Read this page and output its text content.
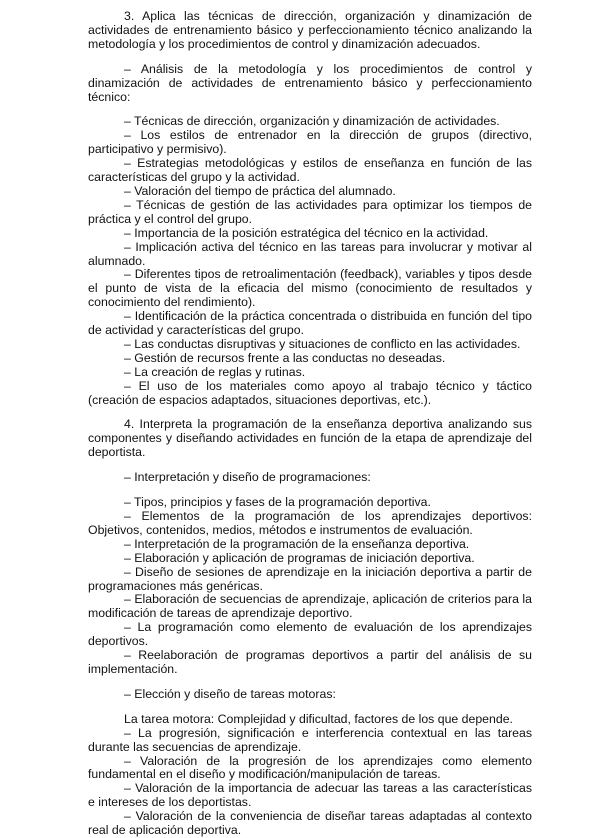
3. Aplica las técnicas de dirección, organización y dinamización de actividades de entrenamiento básico y perfeccionamiento técnico analizando la metodología y los procedimientos de control y dinamización adecuados.

– Análisis de la metodología y los procedimientos de control y dinamización de actividades de entrenamiento básico y perfeccionamiento técnico:

– Técnicas de dirección, organización y dinamización de actividades.

– Los estilos de entrenador en la dirección de grupos (directivo, participativo y permisivo).

– Estrategias metodológicas y estilos de enseñanza en función de las características del grupo y la actividad.

– Valoración del tiempo de práctica del alumnado.

– Técnicas de gestión de las actividades para optimizar los tiempos de práctica y el control del grupo.

– Importancia de la posición estratégica del técnico en la actividad.

– Implicación activa del técnico en las tareas para involucrar y motivar al alumnado.

– Diferentes tipos de retroalimentación (feedback), variables y tipos desde el punto de vista de la eficacia del mismo (conocimiento de resultados y conocimiento del rendimiento).

– Identificación de la práctica concentrada o distribuida en función del tipo de actividad y características del grupo.

– Las conductas disruptivas y situaciones de conflicto en las actividades.

– Gestión de recursos frente a las conductas no deseadas.

– La creación de reglas y rutinas.

– El uso de los materiales como apoyo al trabajo técnico y táctico (creación de espacios adaptados, situaciones deportivas, etc.).

4. Interpreta la programación de la enseñanza deportiva analizando sus componentes y diseñando actividades en función de la etapa de aprendizaje del deportista.

– Interpretación y diseño de programaciones:

– Tipos, principios y fases de la programación deportiva.

– Elementos de la programación de los aprendizajes deportivos: Objetivos, contenidos, medios, métodos e instrumentos de evaluación.

– Interpretación de la programación de la enseñanza deportiva.

– Elaboración y aplicación de programas de iniciación deportiva.

– Diseño de sesiones de aprendizaje en la iniciación deportiva a partir de programaciones más genéricas.

– Elaboración de secuencias de aprendizaje, aplicación de criterios para la modificación de tareas de aprendizaje deportivo.

– La programación como elemento de evaluación de los aprendizajes deportivos.

– Reelaboración de programas deportivos a partir del análisis de su implementación.

– Elección y diseño de tareas motoras:

La tarea motora: Complejidad y dificultad, factores de los que depende.

– La progresión, significación e interferencia contextual en las tareas durante las secuencias de aprendizaje.

– Valoración de la progresión de los aprendizajes como elemento fundamental en el diseño y modificación/manipulación de tareas.

– Valoración de la importancia de adecuar las tareas a las características e intereses de los deportistas.

– Valoración de la conveniencia de diseñar tareas adaptadas al contexto real de aplicación deportiva.
